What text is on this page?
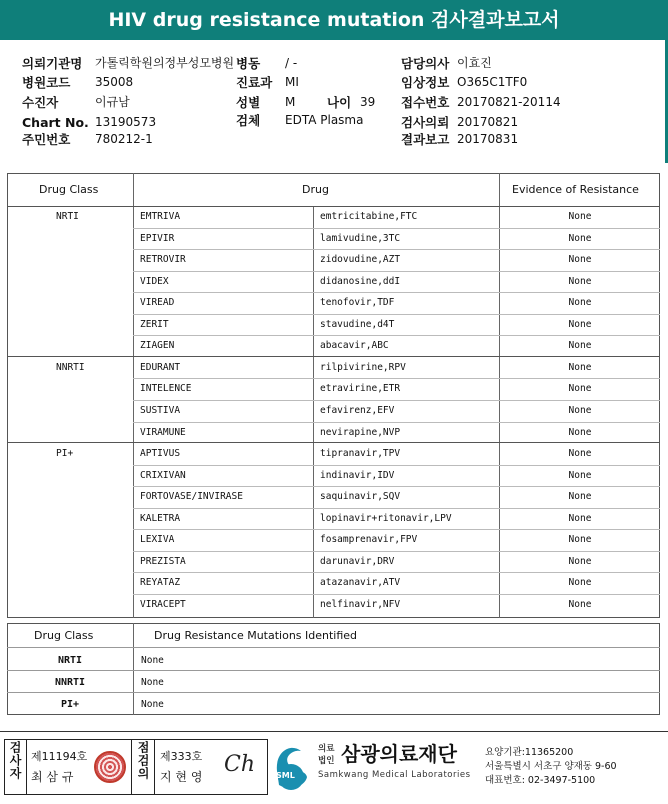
HIV drug resistance mutation 검사결과보고서
의뢰기관명 가톨릭학원의정부성모병원 병동 / -	담당의사 이효진
병원코드 35008	진료과 MI	임상정보 O365C1TF0
수진자	이규남	성별 M	나이 39 접수번호 20170821-20114
Chart No. 13190573	검체 EDTA Plasma	검사의뢰 20170821
주민번호 780212-1	결과보고 20170831
Drug Class	Drug	Evidence of Resistance
NRTI	EMTRIVA	emtricitabine,FTC	None
EPIVIR	lamivudine,3TC	None
RETROVIR	zidovudine,AZT	None
VIDEX	didanosine,ddI	None
VIREAD	tenofovir,TDF	None
ZERIT	stavudine,d4T	None
ZIAGEN	abacavir,ABC	None
NNRTI	EDURANT	rilpivirine,RPV	None
INTELENCE	etravirine,ETR	None
SUSTIVA	efavirenz,EFV	None
VIRAMUNE	nevirapine,NVP	None
PI+	APTIVUS	tipranavir,TPV	None
CRIXIVAN	indinavir,IDV	None
FORTOVASE/INVIRASE	saquinavir,SQV	None
KALETRA	lopinavir+ritonavir,LPV	None
LEXIVA	fosamprenavir,FPV	None
PREZISTA	darunavir,DRV	None
REYATAZ	atazanavir,ATV	None
VIRACEPT	nelfinavir,NFV	None
Drug Class	Drug Resistance Mutations Identified
NRTI	None
NNRTI	None
PI+	None
검사자 제11194호
최 삼 규	점검의 제333호
지 현 영 Ch	SML
의료
법인 삼광의료재단
Samkwang Medical Laboratories
요양기관:11365200
서울특별시 서초구 양재동 9-60
대표번호: 02-3497-5100
